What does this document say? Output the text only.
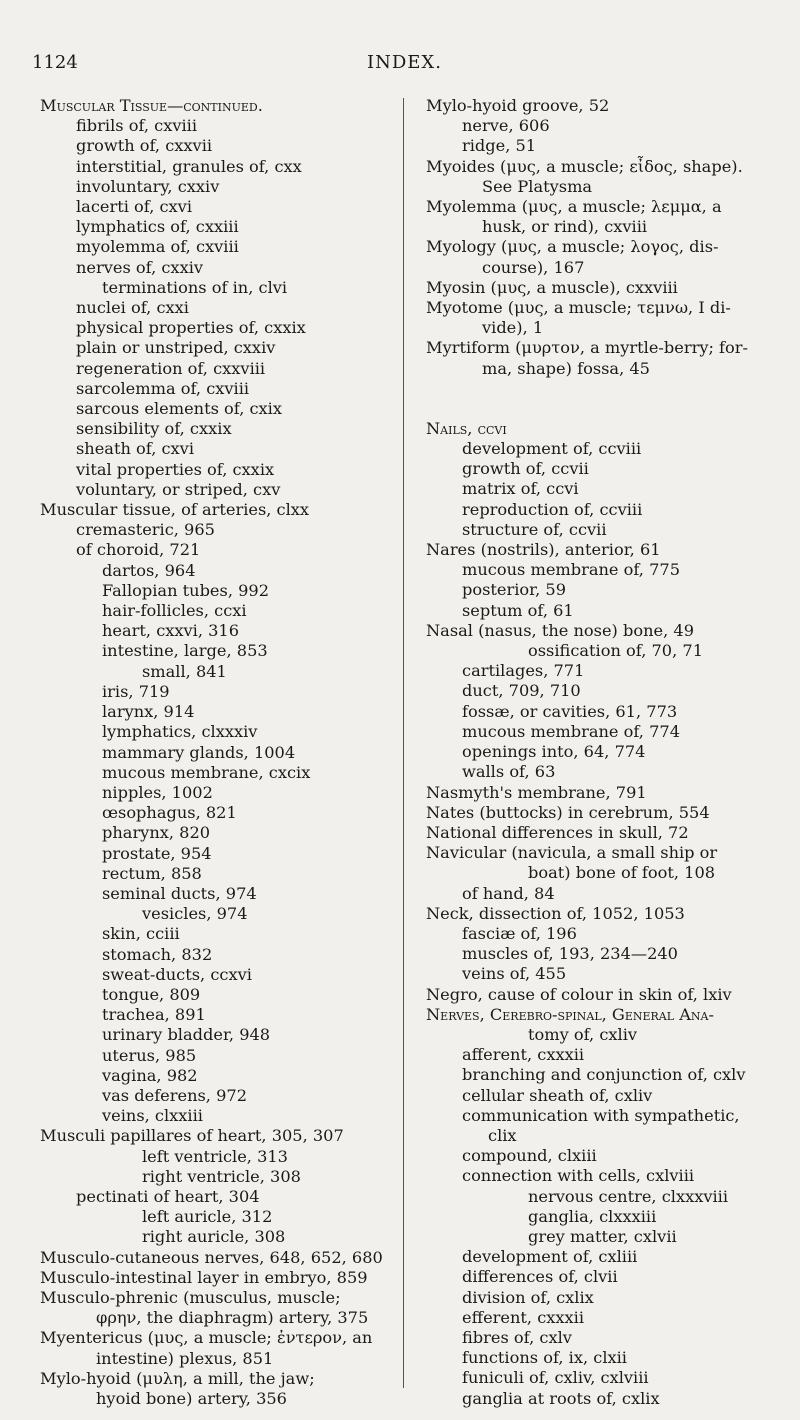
1124	INDEX.
Muscular Tissue—continued.
fibrils of, cxviii
growth of, cxxvii
interstitial, granules of, cxx
involuntary, cxxiv
lacerti of, cxvi
lymphatics of, cxxiii
myolemma of, cxviii
nerves of, cxxiv
terminations of in, clvi
nuclei of, cxxi
physical properties of, cxxix
plain or unstriped, cxxiv
regeneration of, cxxviii
sarcolemma of, cxviii
sarcous elements of, cxix
sensibility of, cxxix
sheath of, cxvi
vital properties of, cxxix
voluntary, or striped, cxv
Muscular tissue, of arteries, clxx
cremasteric, 965
of choroid, 721
dartos, 964
Fallopian tubes, 992
hair-follicles, ccxi
heart, cxxvi, 316
intestine, large, 853
small, 841
iris, 719
larynx, 914
lymphatics, clxxxiv
mammary glands, 1004
mucous membrane, cxcix
nipples, 1002
œsophagus, 821
pharynx, 820
prostate, 954
rectum, 858
seminal ducts, 974
vesicles, 974
skin, cciii
stomach, 832
sweat-ducts, ccxvi
tongue, 809
trachea, 891
urinary bladder, 948
uterus, 985
vagina, 982
vas deferens, 972
veins, clxxiii
Musculi papillares of heart, 305, 307
left ventricle, 313
right ventricle, 308
pectinati of heart, 304
left auricle, 312
right auricle, 308
Musculo-cutaneous nerves, 648, 652, 680
Musculo-intestinal layer in embryo, 859
Musculo-phrenic (musculus, muscle;
φρην, the diaphragm) artery, 375
Myentericus (μυς, a muscle; ἐντερον, an
intestine) plexus, 851
Mylo-hyoid (μυλη, a mill, the jaw;
hyoid bone) artery, 356
Mylo-hyoid groove, 52
nerve, 606
ridge, 51
Myoides (μυς, a muscle; εἶδος, shape).
See Platysma
Myolemma (μυς, a muscle; λεμμα, a
husk, or rind), cxviii
Myology (μυς, a muscle; λογος, dis-
course), 167
Myosin (μυς, a muscle), cxxviii
Myotome (μυς, a muscle; τεμνω, I di-
vide), 1
Myrtiform (μυρτον, a myrtle-berry; for-
ma, shape) fossa, 45
Nails, ccvi
development of, ccviii
growth of, ccvii
matrix of, ccvi
reproduction of, ccviii
structure of, ccvii
Nares (nostrils), anterior, 61
mucous membrane of, 775
posterior, 59
septum of, 61
Nasal (nasus, the nose) bone, 49
ossification of, 70, 71
cartilages, 771
duct, 709, 710
fossæ, or cavities, 61, 773
mucous membrane of, 774
openings into, 64, 774
walls of, 63
Nasmyth's membrane, 791
Nates (buttocks) in cerebrum, 554
National differences in skull, 72
Navicular (navicula, a small ship or
boat) bone of foot, 108
of hand, 84
Neck, dissection of, 1052, 1053
fasciæ of, 196
muscles of, 193, 234—240
veins of, 455
Negro, cause of colour in skin of, lxiv
Nerves, Cerebro-spinal, General Ana-
tomy of, cxliv
afferent, cxxxii
branching and conjunction of, cxlv
cellular sheath of, cxliv
communication with sympathetic,
clix
compound, clxiii
connection with cells, cxlviii
nervous centre, clxxxviii
ganglia, clxxxiii
grey matter, cxlvii
development of, cxliii
differences of, clvii
division of, cxlix
efferent, cxxxii
fibres of, cxlv
functions of, ix, clxii
funiculi of, cxliv, cxlviii
ganglia at roots of, cxlix
